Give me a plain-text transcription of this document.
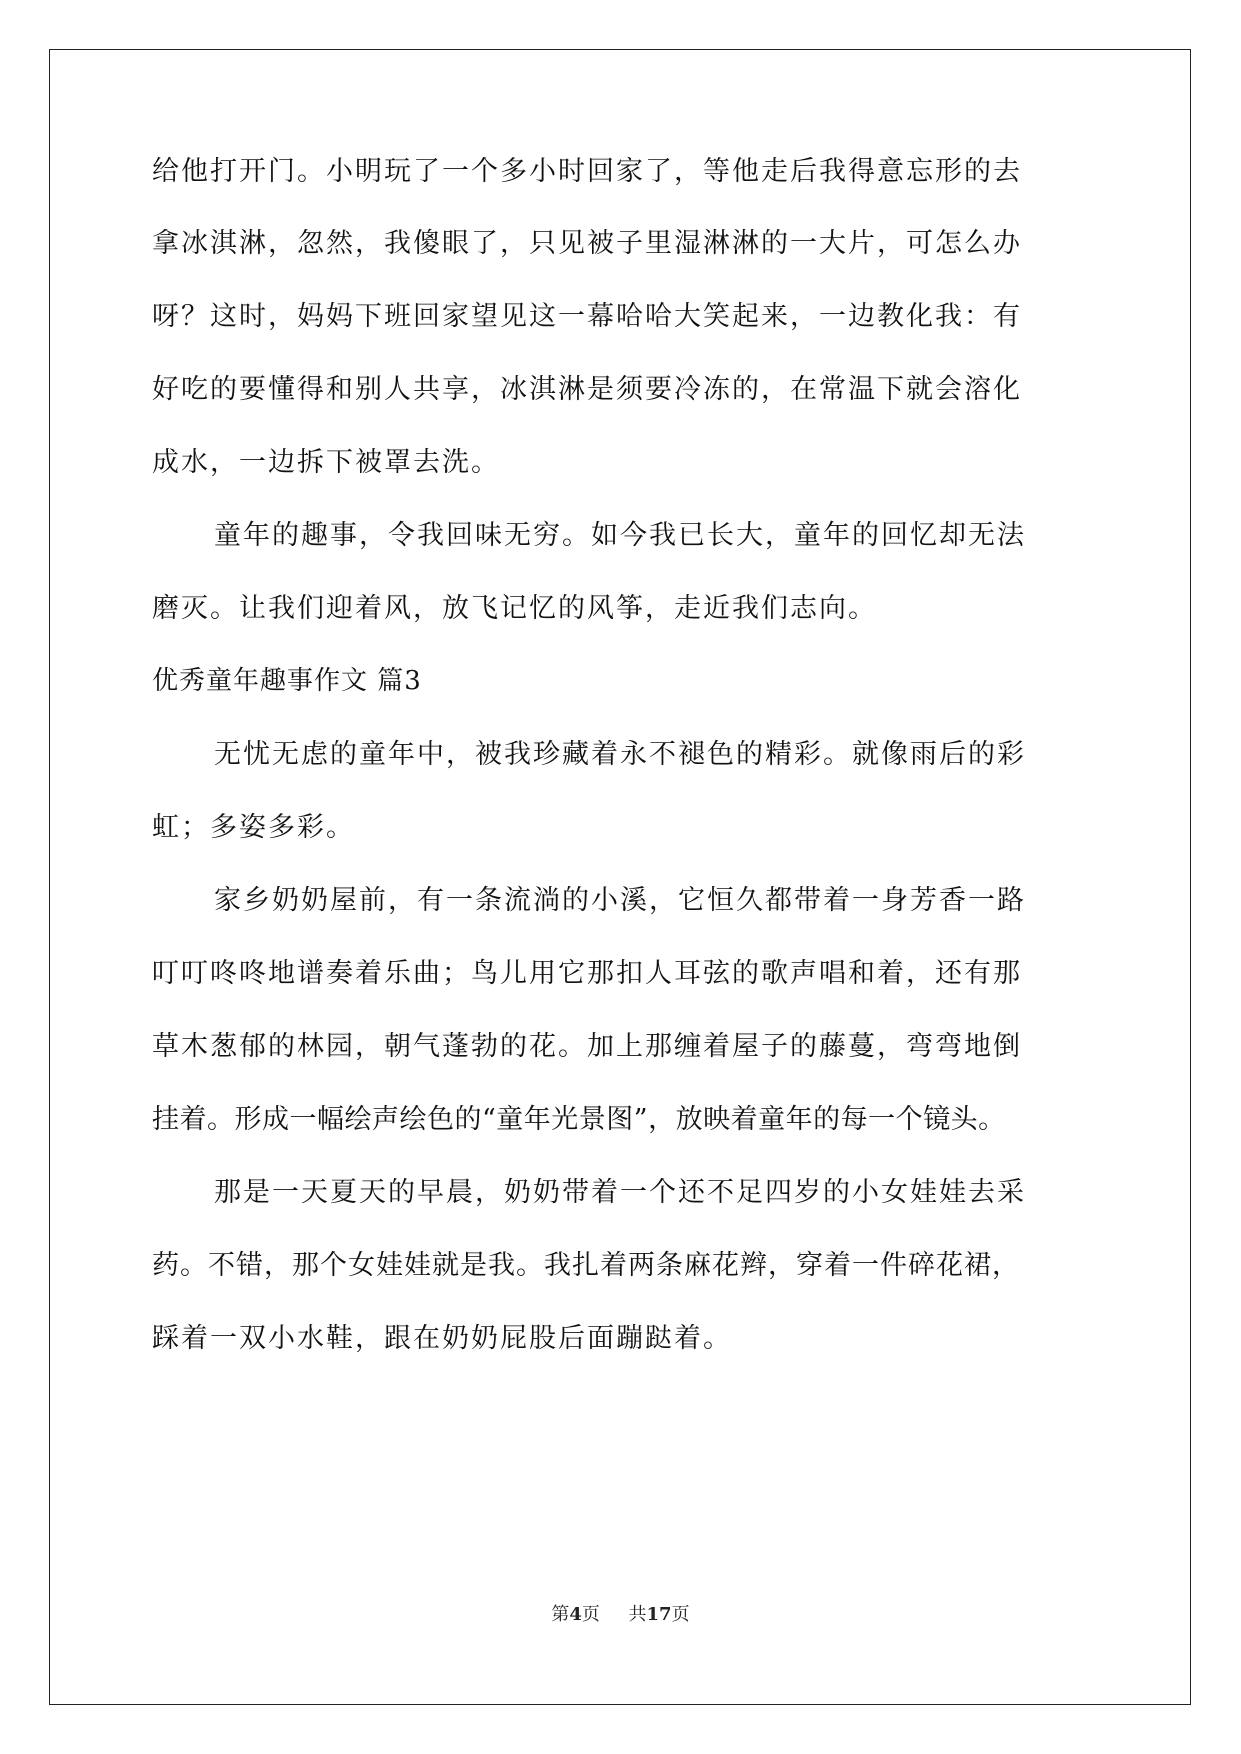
给他打开门。小明玩了一个多小时回家了，等他走后我得意忘形的去
拿冰淇淋，忽然，我傻眼了，只见被子里湿淋淋的一大片，可怎么办
呀？这时，妈妈下班回家望见这一幕哈哈大笑起来，一边教化我：有
好吃的要懂得和别人共享，冰淇淋是须要冷冻的，在常温下就会溶化
成水，一边拆下被罩去洗。
童年的趣事，令我回味无穷。如今我已长大，童年的回忆却无法
磨灭。让我们迎着风，放飞记忆的风筝，走近我们志向。
优秀童年趣事作文 篇3
无忧无虑的童年中，被我珍藏着永不褪色的精彩。就像雨后的彩
虹；多姿多彩。
家乡奶奶屋前，有一条流淌的小溪，它恒久都带着一身芳香一路
叮叮咚咚地谱奏着乐曲；鸟儿用它那扣人耳弦的歌声唱和着，还有那
草木葱郁的林园，朝气蓬勃的花。加上那缠着屋子的藤蔓，弯弯地倒
挂着。形成一幅绘声绘色的“童年光景图”，放映着童年的每一个镜头。
那是一天夏天的早晨，奶奶带着一个还不足四岁的小女娃娃去采
药。不错，那个女娃娃就是我。我扎着两条麻花辫，穿着一件碎花裙，
踩着一双小水鞋，跟在奶奶屁股后面蹦跶着。
第4页 共17页
